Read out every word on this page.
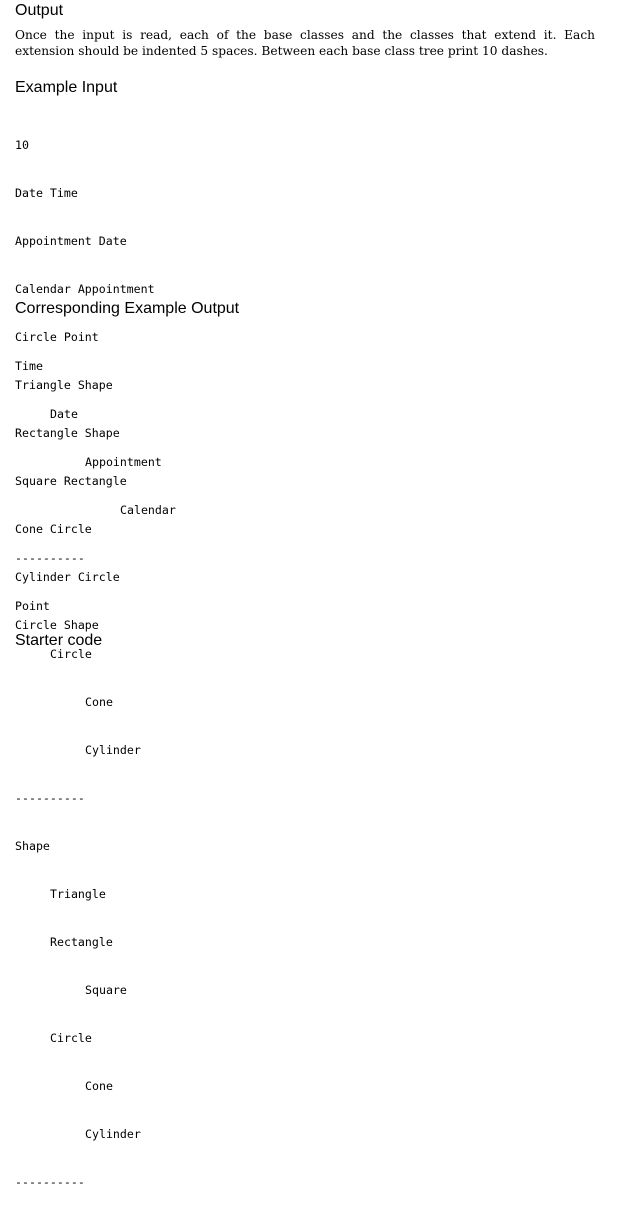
Output

Once the input is read, each of the base classes and the classes that extend it. Each extension should be indented 5 spaces. Between each base class tree print 10 dashes.

Example Input

10

Date Time

Appointment Date

Calendar Appointment

Circle Point

Triangle Shape

Rectangle Shape

Square Rectangle

Cone Circle

Cylinder Circle

Circle Shape

Corresponding Example Output

Time

Date

Appointment

Calendar

----------

Point

Circle

Cone

Cylinder

----------

Shape

Triangle

Rectangle

Square

Circle

Cone

Cylinder

----------

Starter code
